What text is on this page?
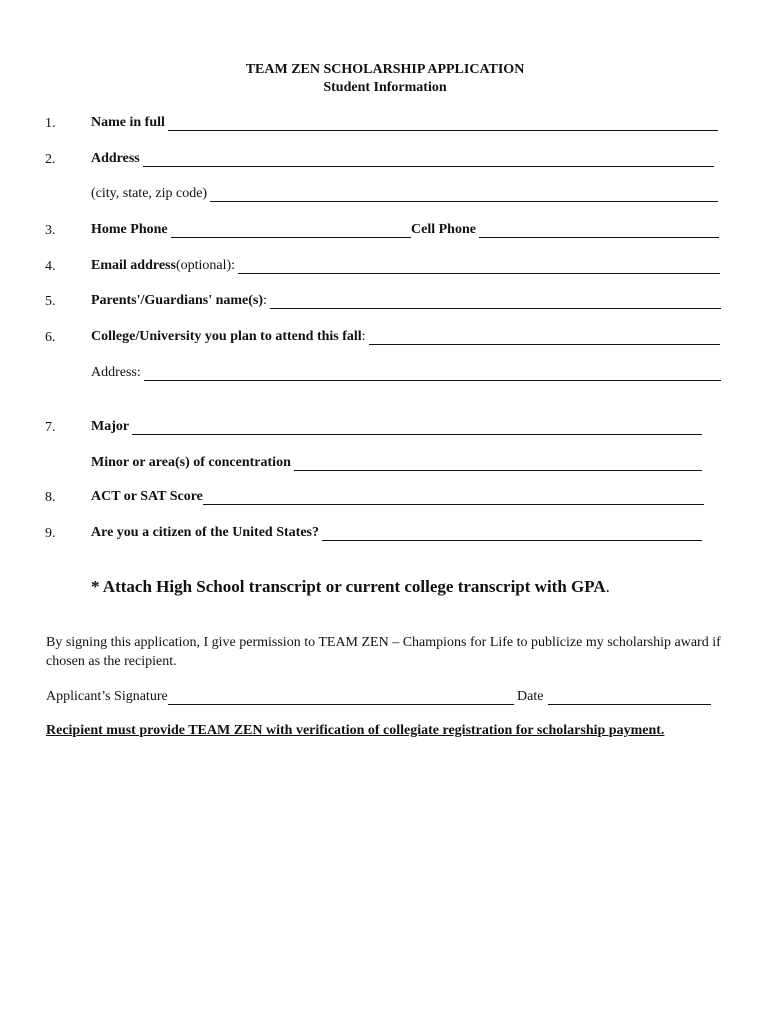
TEAM ZEN SCHOLARSHIP APPLICATION
Student Information
1.	Name in full
2.	Address
(city, state, zip code)
3.	Home Phone	Cell Phone
4.	Email address (optional):
5.	Parents'/Guardians' name(s) :
6.	College/University you plan to attend this fall :
Address:
7.	Major
Minor or area(s) of concentration
8.	ACT or SAT Score
9.	Are you a citizen of the United States?
* Attach High School transcript or current college transcript with GPA.
By signing this application, I give permission to TEAM ZEN – Champions for Life to publicize my scholarship award if chosen as the recipient.
Applicant’s Signature	Date
Recipient must provide TEAM ZEN with verification of collegiate registration for scholarship payment.
